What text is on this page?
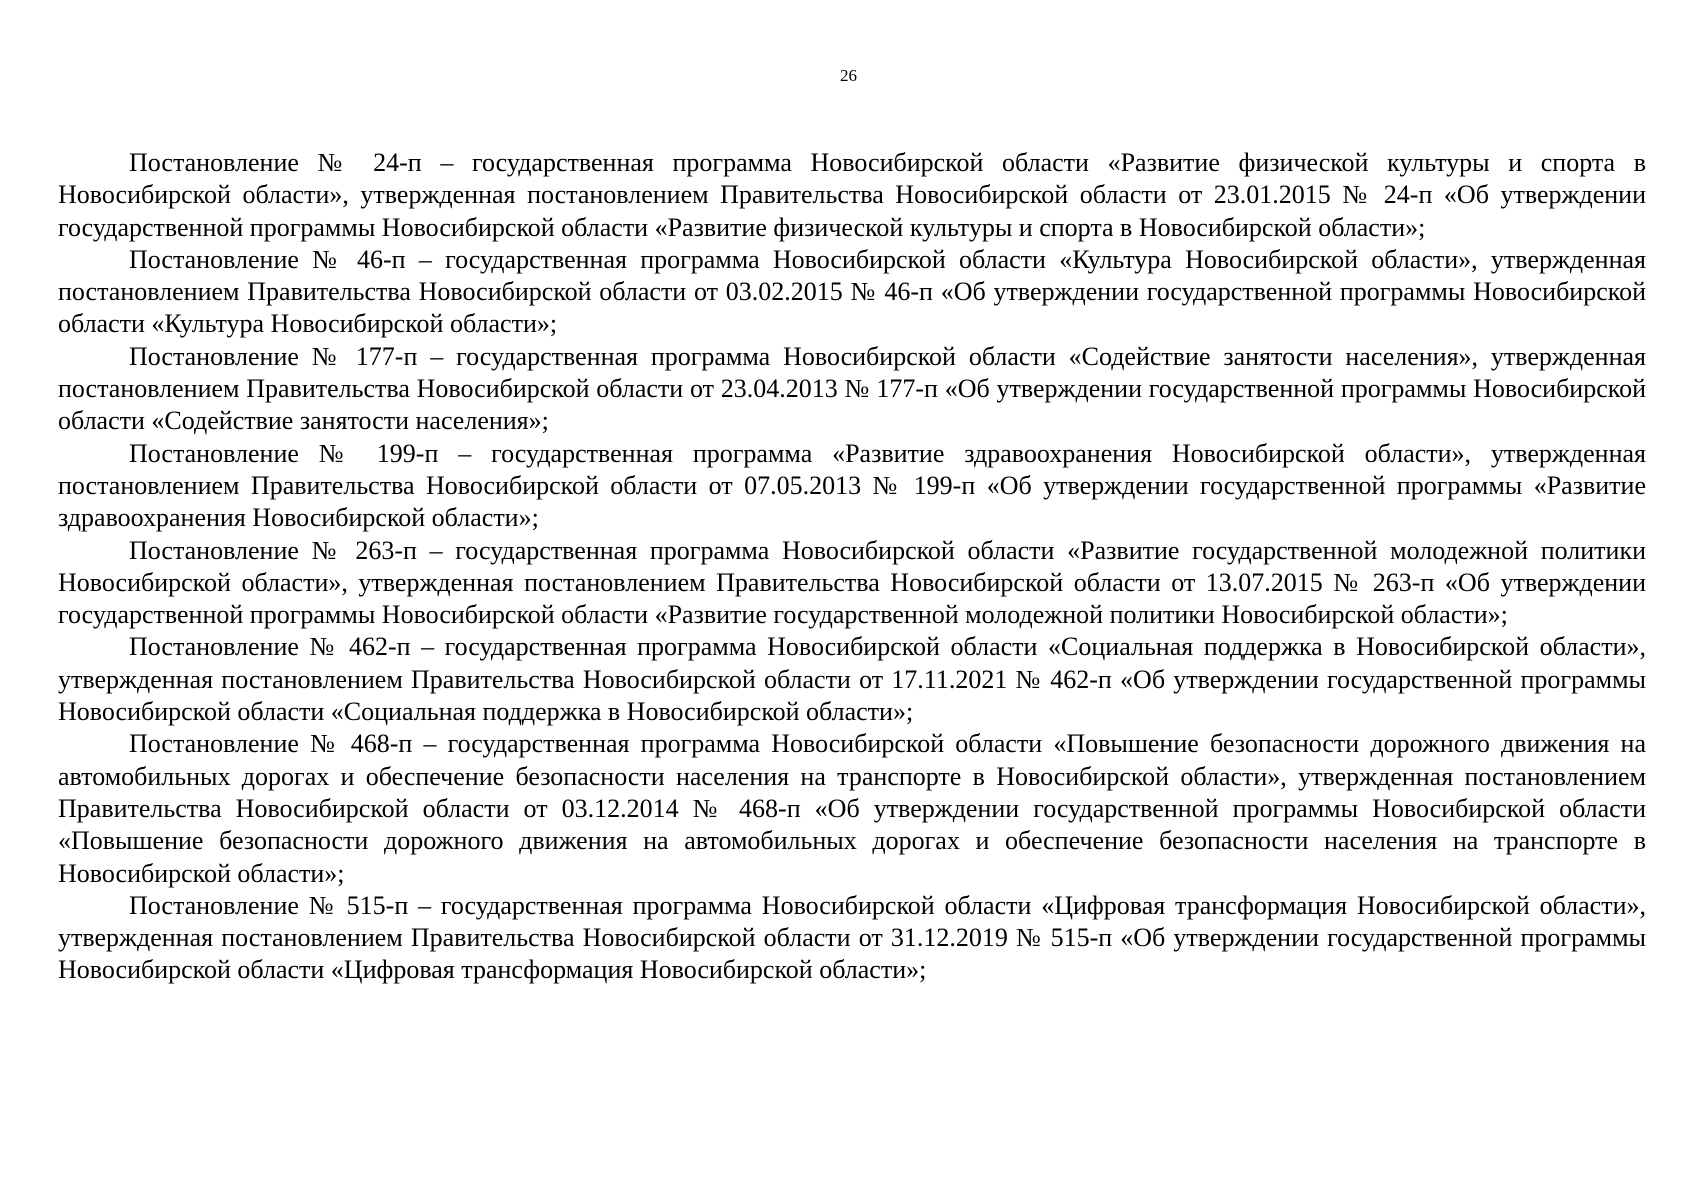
26

Постановление № 24-п – государственная программа Новосибирской области «Развитие физической культуры и спорта в Новосибирской области», утвержденная постановлением Правительства Новосибирской области от 23.01.2015 № 24-п «Об утверждении государственной программы Новосибирской области «Развитие физической культуры и спорта в Новосибирской области»;

Постановление № 46-п – государственная программа Новосибирской области «Культура Новосибирской области», утвержденная постановлением Правительства Новосибирской области от 03.02.2015 № 46-п «Об утверждении государственной программы Новосибирской области «Культура Новосибирской области»;

Постановление № 177-п – государственная программа Новосибирской области «Содействие занятости населения», утвержденная постановлением Правительства Новосибирской области от 23.04.2013 № 177-п «Об утверждении государственной программы Новосибирской области «Содействие занятости населения»;

Постановление № 199-п – государственная программа «Развитие здравоохранения Новосибирской области», утвержденная постановлением Правительства Новосибирской области от 07.05.2013 № 199-п «Об утверждении государственной программы «Развитие здравоохранения Новосибирской области»;

Постановление № 263-п – государственная программа Новосибирской области «Развитие государственной молодежной политики Новосибирской области», утвержденная постановлением Правительства Новосибирской области от 13.07.2015 № 263-п «Об утверждении государственной программы Новосибирской области «Развитие государственной молодежной политики Новосибирской области»;

Постановление № 462-п – государственная программа Новосибирской области «Социальная поддержка в Новосибирской области», утвержденная постановлением Правительства Новосибирской области от 17.11.2021 № 462-п «Об утверждении государственной программы Новосибирской области «Социальная поддержка в Новосибирской области»;

Постановление № 468-п – государственная программа Новосибирской области «Повышение безопасности дорожного движения на автомобильных дорогах и обеспечение безопасности населения на транспорте в Новосибирской области», утвержденная постановлением Правительства Новосибирской области от 03.12.2014 № 468-п «Об утверждении государственной программы Новосибирской области «Повышение безопасности дорожного движения на автомобильных дорогах и обеспечение безопасности населения на транспорте в Новосибирской области»;

Постановление № 515-п – государственная программа Новосибирской области «Цифровая трансформация Новосибирской области», утвержденная постановлением Правительства Новосибирской области от 31.12.2019 № 515-п «Об утверждении государственной программы Новосибирской области «Цифровая трансформация Новосибирской области»;
